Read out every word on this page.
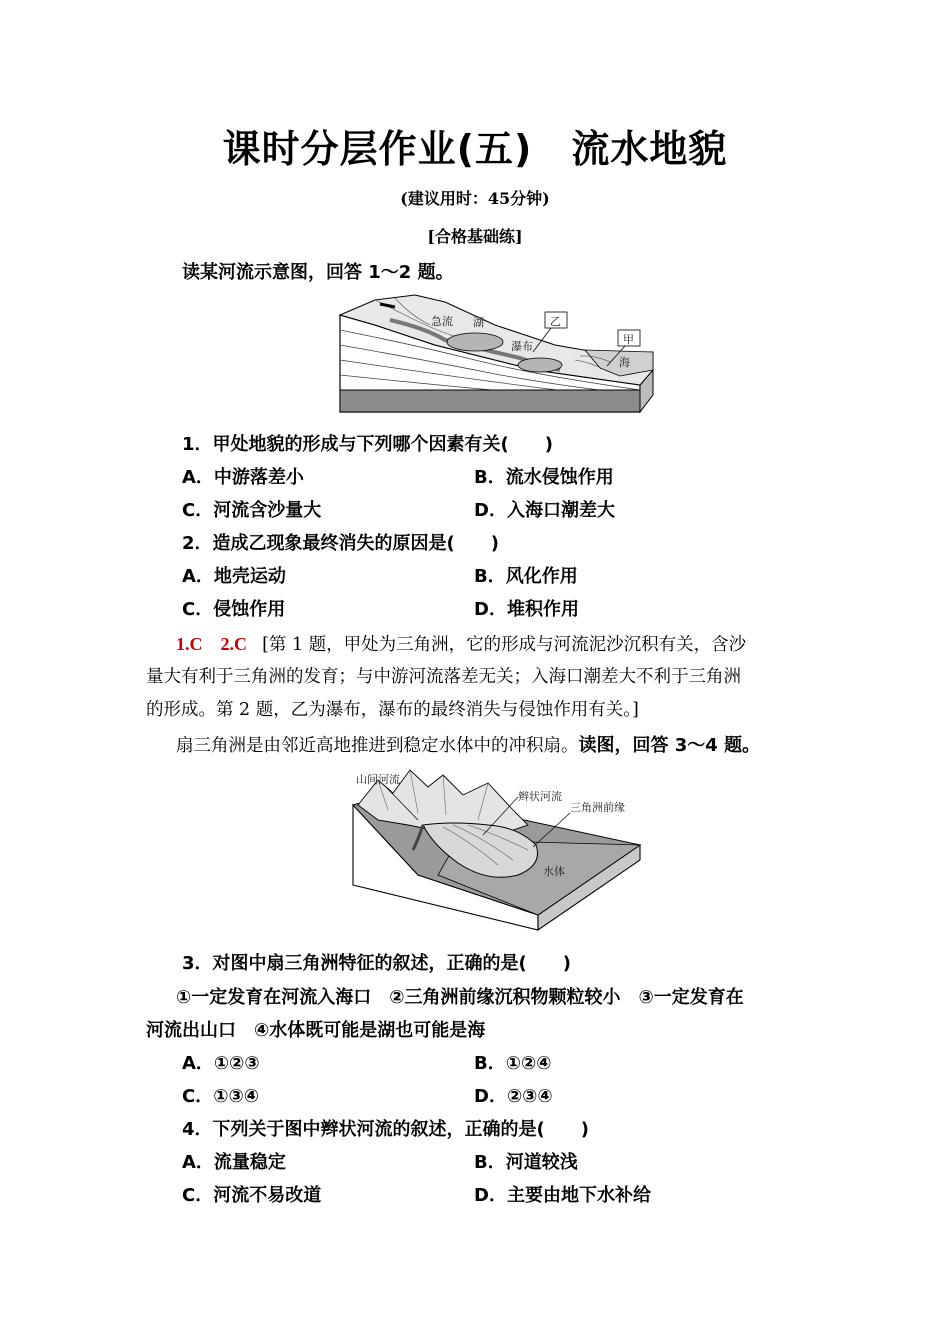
课时分层作业(五)　流水地貌
(建议用时：45分钟)
[合格基础练]
读某河流示意图，回答 1～2 题。
急流 湖
瀑布
乙
甲
海
1．甲处地貌的形成与下列哪个因素有关(　　)
A．中游落差小	B．流水侵蚀作用
C．河流含沙量大	D．入海口潮差大
2．造成乙现象最终消失的原因是(　　)
A．地壳运动	B．风化作用
C．侵蚀作用	D．堆积作用
1.C　2.C [第 1 题，甲处为三角洲，它的形成与河流泥沙沉积有关，含沙
量大有利于三角洲的发育；与中游河流落差无关；入海口潮差大不利于三角洲
的形成。第 2 题，乙为瀑布，瀑布的最终消失与侵蚀作用有关。]
扇三角洲是由邻近高地推进到稳定水体中的冲积扇。读图，回答 3～4 题。
山间河流
辫状河流
三角洲前缘
水体
3．对图中扇三角洲特征的叙述，正确的是(　　)
①一定发育在河流入海口　②三角洲前缘沉积物颗粒较小　③一定发育在
河流出山口　④水体既可能是湖也可能是海
A．①②③	B．①②④
C．①③④	D．②③④
4．下列关于图中辫状河流的叙述，正确的是(　　)
A．流量稳定	B．河道较浅
C．河流不易改道	D．主要由地下水补给
